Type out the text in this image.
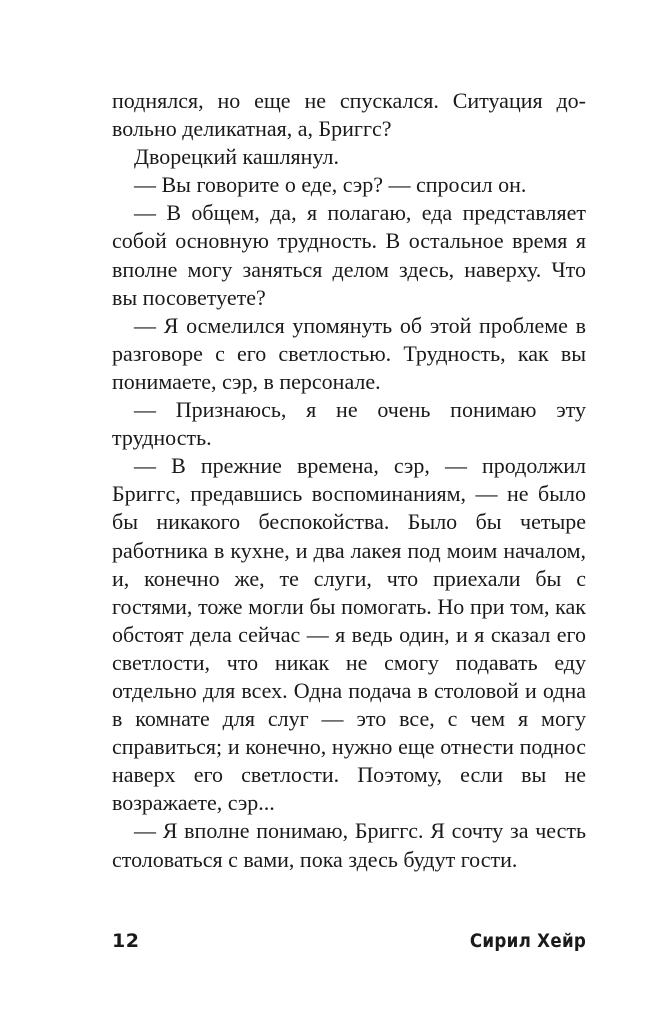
поднялся, но еще не спускался. Ситуация довольно деликатная, а, Бриггс?

Дворецкий кашлянул.

— Вы говорите о еде, сэр? — спросил он.

— В общем, да, я полагаю, еда представляет собой основную трудность. В остальное время я вполне могу заняться делом здесь, наверху. Что вы посоветуете?

— Я осмелился упомянуть об этой проблеме в разговоре с его светлостью. Трудность, как вы понимаете, сэр, в персонале.

— Признаюсь, я не очень понимаю эту трудность.

— В прежние времена, сэр, — продолжил Бриггс, предавшись воспоминаниям, — не было бы никакого беспокойства. Было бы четыре работника в кухне, и два лакея под моим началом, и, конечно же, те слуги, что приехали бы с гостями, тоже могли бы помогать. Но при том, как обстоят дела сейчас — я ведь один, и я сказал его светлости, что никак не смогу подавать еду отдельно для всех. Одна подача в столовой и одна в комнате для слуг — это все, с чем я могу справиться; и конечно, нужно еще отнести поднос наверх его светлости. Поэтому, если вы не возражаете, сэр...

— Я вполне понимаю, Бриггс. Я сочту за честь столоваться с вами, пока здесь будут гости.

12	Сирил Хейр
